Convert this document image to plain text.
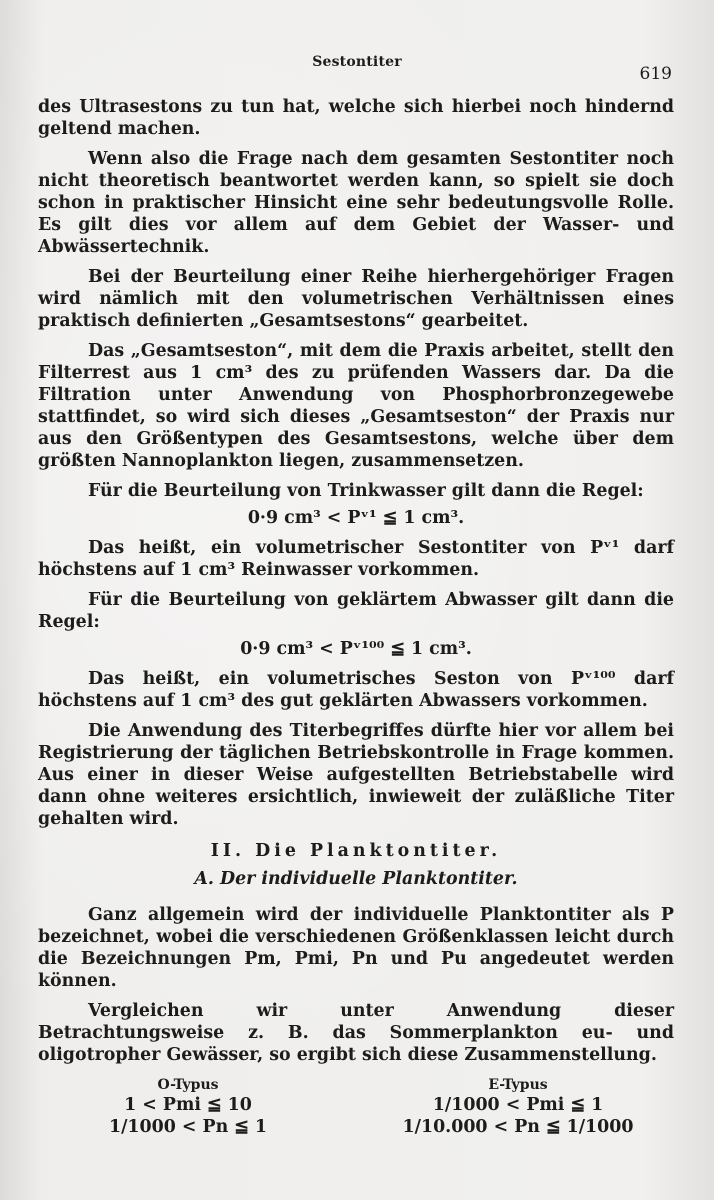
Sestontiter
619

des Ultrasestons zu tun hat, welche sich hierbei noch hindernd geltend machen.

Wenn also die Frage nach dem gesamten Sestontiter noch nicht theoretisch beantwortet werden kann, so spielt sie doch schon in praktischer Hinsicht eine sehr bedeutungsvolle Rolle. Es gilt dies vor allem auf dem Gebiet der Wasser- und Abwässertechnik.

Bei der Beurteilung einer Reihe hierhergehöriger Fragen wird nämlich mit den volumetrischen Verhältnissen eines praktisch definierten „Gesamtsestons“ gearbeitet.

Das „Gesamtseston“, mit dem die Praxis arbeitet, stellt den Filterrest aus 1 cm³ des zu prüfenden Wassers dar. Da die Filtration unter Anwendung von Phosphorbronzegewebe stattfindet, so wird sich dieses „Gesamtseston“ der Praxis nur aus den Größentypen des Gesamtsestons, welche über dem größten Nannoplankton liegen, zusammensetzen.

Für die Beurteilung von Trinkwasser gilt dann die Regel:

0·9 cm³ < Pᵛ¹ ≦ 1 cm³.

Das heißt, ein volumetrischer Sestontiter von Pᵛ¹ darf höchstens auf 1 cm³ Reinwasser vorkommen.

Für die Beurteilung von geklärtem Abwasser gilt dann die Regel:

0·9 cm³ < Pᵛ¹⁰⁰ ≦ 1 cm³.

Das heißt, ein volumetrisches Seston von Pᵛ¹⁰⁰ darf höchstens auf 1 cm³ des gut geklärten Abwassers vorkommen.

Die Anwendung des Titerbegriffes dürfte hier vor allem bei Registrierung der täglichen Betriebskontrolle in Frage kommen. Aus einer in dieser Weise aufgestellten Betriebstabelle wird dann ohne weiteres ersichtlich, inwieweit der zuläßliche Titer gehalten wird.

II. Die Planktontiter.

A. Der individuelle Planktontiter.

Ganz allgemein wird der individuelle Planktontiter als P bezeichnet, wobei die verschiedenen Größenklassen leicht durch die Bezeichnungen Pm, Pmi, Pn und Pu angedeutet werden können.

Vergleichen wir unter Anwendung dieser Betrachtungsweise z. B. das Sommerplankton eu- und oligotropher Gewässer, so ergibt sich diese Zusammenstellung.

O-Typus
1 < Pmi ≦ 10
1/1000 < Pn ≦ 1
E-Typus
1/1000 < Pmi ≦ 1
1/10.000 < Pn ≦ 1/1000
